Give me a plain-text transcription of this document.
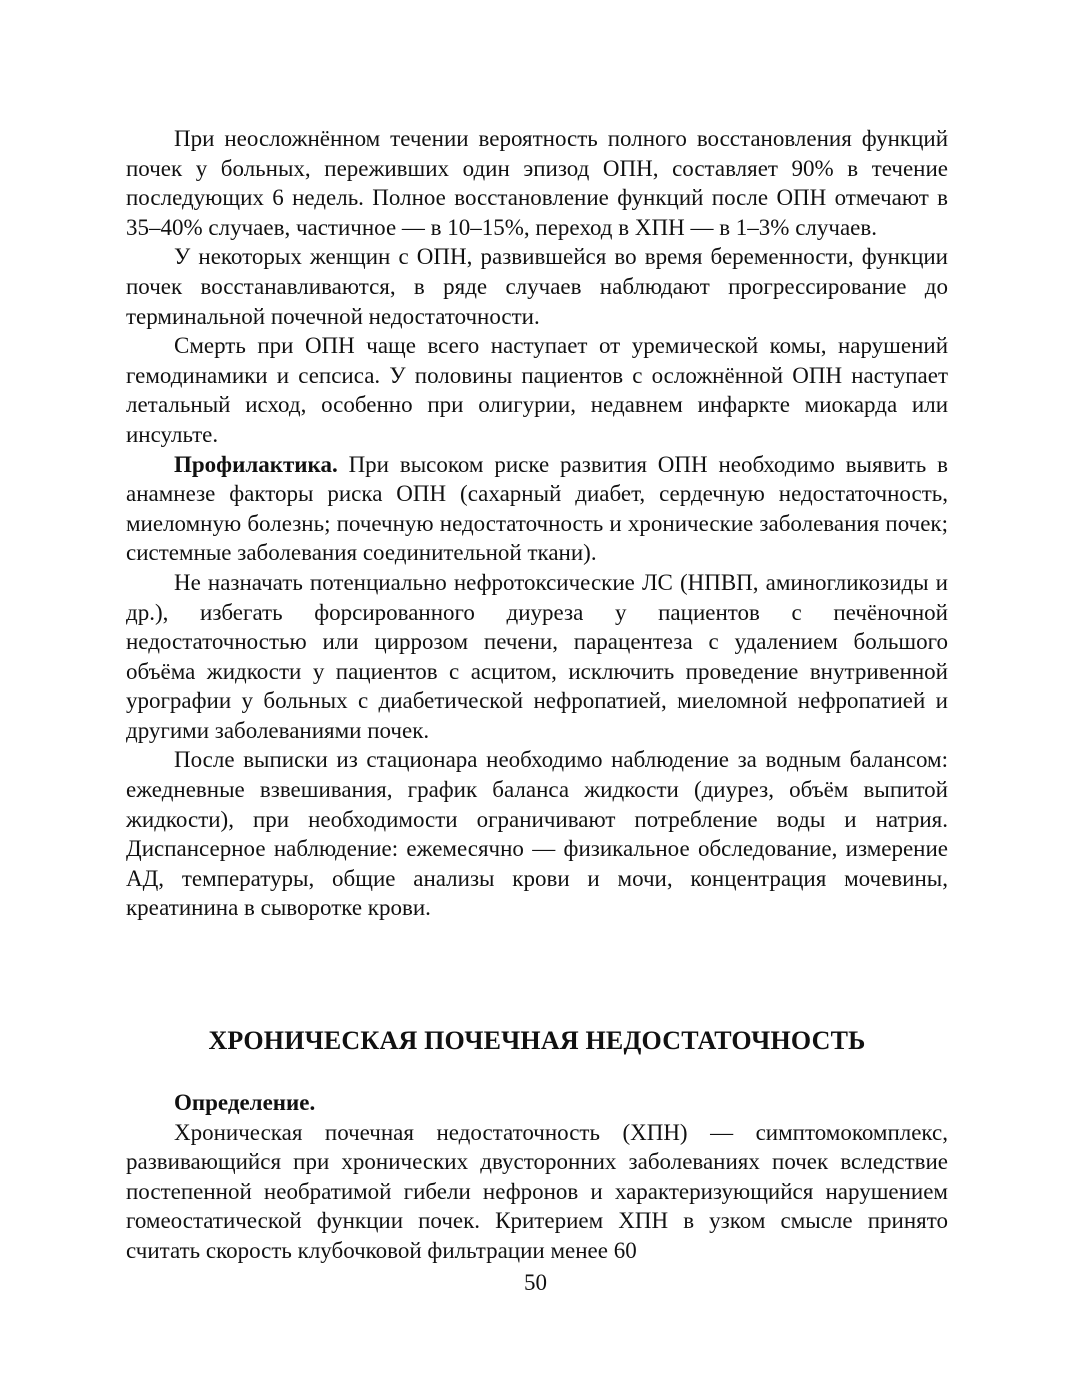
При неосложнённом течении вероятность полного восстановления функций почек у больных, переживших один эпизод ОПН, составляет 90% в течение последующих 6 недель. Полное восстановление функций после ОПН отмечают в 35–40% случаев, частичное — в 10–15%, переход в ХПН — в 1–3% случаев.

У некоторых женщин с ОПН, развившейся во время беременности, функции почек восстанавливаются, в ряде случаев наблюдают прогрессирование до терминальной почечной недостаточности.

Смерть при ОПН чаще всего наступает от уремической комы, нарушений гемодинамики и сепсиса. У половины пациентов с осложнённой ОПН наступает летальный исход, особенно при олигурии, недавнем инфаркте миокарда или инсульте.

Профилактика. При высоком риске развития ОПН необходимо выявить в анамнезе факторы риска ОПН (сахарный диабет, сердечную недостаточность, миеломную болезнь; почечную недостаточность и хронические заболевания почек; системные заболевания соединительной ткани).

Не назначать потенциально нефротоксические ЛС (НПВП, аминогликозиды и др.), избегать форсированного диуреза у пациентов с печёночной недостаточностью или циррозом печени, парацентеза с удалением большого объёма жидкости у пациентов с асцитом, исключить проведение внутривенной урографии у больных с диабетической нефропатией, миеломной нефропатией и другими заболеваниями почек.

После выписки из стационара необходимо наблюдение за водным балансом: ежедневные взвешивания, график баланса жидкости (диурез, объём выпитой жидкости), при необходимости ограничивают потребление воды и натрия. Диспансерное наблюдение: ежемесячно — физикальное обследование, измерение АД, температуры, общие анализы крови и мочи, концентрация мочевины, креатинина в сыворотке крови.

ХРОНИЧЕСКАЯ ПОЧЕЧНАЯ НЕДОСТАТОЧНОСТЬ

Определение.

Хроническая почечная недостаточность (ХПН) — симптомокомплекс, развивающийся при хронических двусторонних заболеваниях почек вследствие постепенной необратимой гибели нефронов и характеризующийся нарушением гомеостатической функции почек. Критерием ХПН в узком смысле принято считать скорость клубочковой фильтрации менее 60

50
